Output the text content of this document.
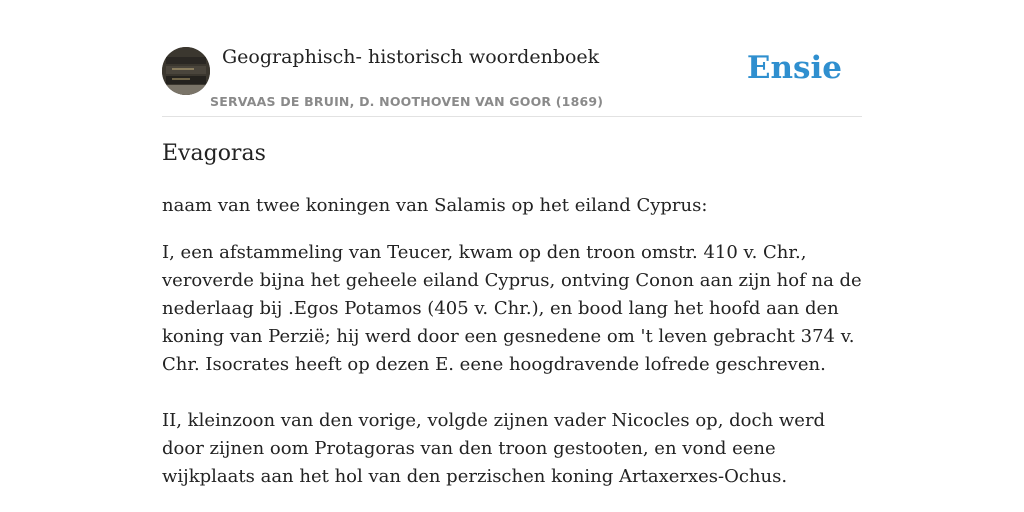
Geographisch- historisch woordenboek
SERVAAS DE BRUIN, D. NOOTHOVEN VAN GOOR (1869)
Ensie
Evagoras

naam van twee koningen van Salamis op het eiland Cyprus:

I, een afstammeling van Teucer, kwam op den troon omstr. 410 v. Chr., veroverde bijna het geheele eiland Cyprus, ontving Conon aan zijn hof na de nederlaag bij .Egos Potamos (405 v. Chr.), en bood lang het hoofd aan den koning van Perzië; hij werd door een gesnedene om 't leven gebracht 374 v. Chr. Isocrates heeft op dezen E. eene hoogdravende lofrede geschreven.

II, kleinzoon van den vorige, volgde zijnen vader Nicocles op, doch werd door zijnen oom Protagoras van den troon gestooten, en vond eene wijkplaats aan het hol van den perzischen koning Artaxerxes-Ochus.
